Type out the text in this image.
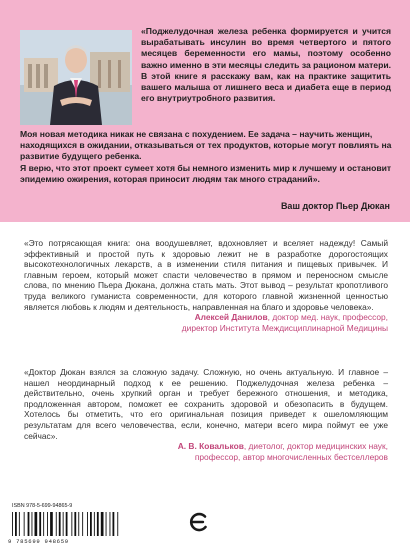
«Поджелудочная железа ребенка формируется и учится вырабатывать инсулин во время четвертого и пятого месяцев беременности его мамы, поэтому особенно важно именно в эти месяцы следить за рационом матери.

В этой книге я расскажу вам, как на практике защитить вашего малыша от лишнего веса и диабета еще в период его внутриутробного развития.

Моя новая методика никак не связана с похудением. Ее задача – научить женщин, находящихся в ожидании, отказываться от тех продуктов, которые могут повлиять на развитие будущего ребенка.

Я верю, что этот проект сумеет хотя бы немного изменить мир к лучшему и остановит эпидемию ожирения, которая приносит людям так много страданий».

Ваш доктор Пьер Дюкан

«Это потрясающая книга: она воодушевляет, вдохновляет и вселяет надежду! Самый эффективный и простой путь к здоровью лежит не в разработке дорогостоящих высокотехнологичных лекарств, а в изменении стиля питания и пищевых привычек. И главным героем, который может спасти человечество в прямом и переносном смысле слова, по мнению Пьера Дюкана, должна стать мать. Этот вывод – результат кропотливого труда великого гуманиста современности, для которого главной жизненной ценностью является любовь к людям и деятельность, направленная на благо и здоровье человека».

Алексей Данилов, доктор мед. наук, профессор,
директор Института Междисциплинарной Медицины

«Доктор Дюкан взялся за сложную задачу. Сложную, но очень актуальную. И главное – нашел неординарный подход к ее решению. Поджелудочная железа ребенка – действительно, очень хрупкий орган и требует бережного отношения, и методика, продложенная автором, поможет ее сохранить здоровой и обезопасить в будущем. Хотелось бы отметить, что его оригинальная позиция приведет к ошеломляющим результатам для всего человечества, если, конечно, матери всего мира поймут ее уже сейчас».

А. В. Ковальков, диетолог, доктор медицинских наук,
профессор, автор многочисленных бестселлеров
ISBN 978-5-699-94865-9
9 785699 948659
